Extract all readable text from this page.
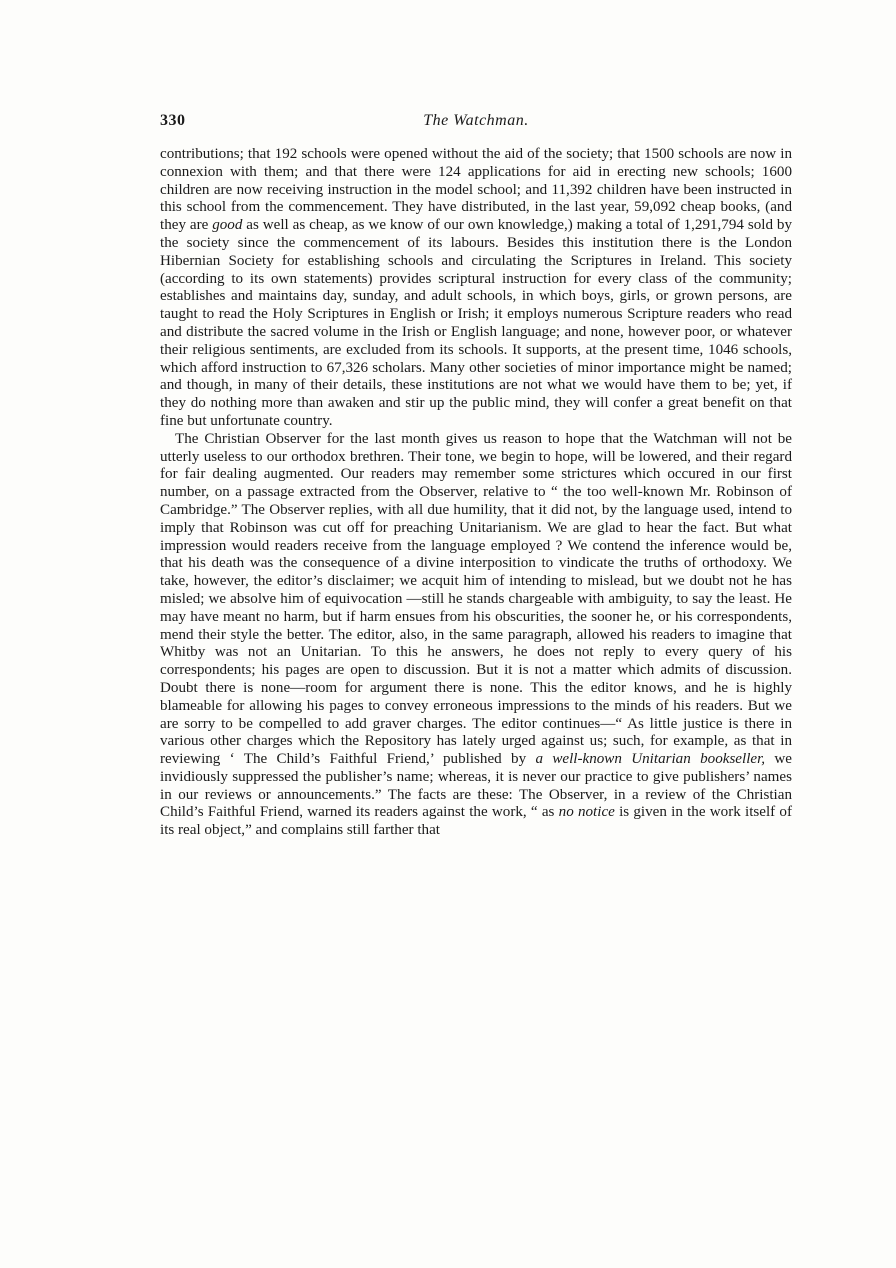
330	The Watchman.

contributions; that 192 schools were opened without the aid of the society; that 1500 schools are now in connexion with them; and that there were 124 applications for aid in erecting new schools; 1600 children are now receiving instruction in the model school; and 11,392 children have been instructed in this school from the commencement. They have distributed, in the last year, 59,092 cheap books, (and they are good as well as cheap, as we know of our own knowledge,) making a total of 1,291,794 sold by the society since the commencement of its labours. Besides this institution there is the London Hibernian Society for establishing schools and circulating the Scriptures in Ireland. This society (according to its own statements) provides scriptural instruction for every class of the community; establishes and maintains day, sunday, and adult schools, in which boys, girls, or grown persons, are taught to read the Holy Scriptures in English or Irish; it employs numerous Scripture readers who read and distribute the sacred volume in the Irish or English language; and none, however poor, or whatever their religious sentiments, are excluded from its schools. It supports, at the present time, 1046 schools, which afford instruction to 67,326 scholars. Many other societies of minor importance might be named; and though, in many of their details, these institutions are not what we would have them to be; yet, if they do nothing more than awaken and stir up the public mind, they will confer a great benefit on that fine but unfortunate country.

The Christian Observer for the last month gives us reason to hope that the Watchman will not be utterly useless to our orthodox brethren. Their tone, we begin to hope, will be lowered, and their regard for fair dealing augmented. Our readers may remember some strictures which occured in our first number, on a passage extracted from the Observer, relative to “ the too well-known Mr. Robinson of Cambridge.” The Observer replies, with all due humility, that it did not, by the language used, intend to imply that Robinson was cut off for preaching Unitarianism. We are glad to hear the fact. But what impression would readers receive from the language employed ? We contend the inference would be, that his death was the consequence of a divine interposition to vindicate the truths of orthodoxy. We take, however, the editor’s disclaimer; we acquit him of intending to mislead, but we doubt not he has misled; we absolve him of equivocation —still he stands chargeable with ambiguity, to say the least. He may have meant no harm, but if harm ensues from his obscurities, the sooner he, or his correspondents, mend their style the better. The editor, also, in the same paragraph, allowed his readers to imagine that Whitby was not an Unitarian. To this he answers, he does not reply to every query of his correspondents; his pages are open to discussion. But it is not a matter which admits of discussion. Doubt there is none—room for argument there is none. This the editor knows, and he is highly blameable for allowing his pages to convey erroneous impressions to the minds of his readers. But we are sorry to be compelled to add graver charges. The editor continues—“ As little justice is there in various other charges which the Repository has lately urged against us; such, for example, as that in reviewing ‘ The Child’s Faithful Friend,’ published by a well-known Unitarian bookseller, we invidiously suppressed the publisher’s name; whereas, it is never our practice to give publishers’ names in our reviews or announcements.” The facts are these: The Observer, in a review of the Christian Child’s Faithful Friend, warned its readers against the work, “ as no notice is given in the work itself of its real object,” and complains still farther that
